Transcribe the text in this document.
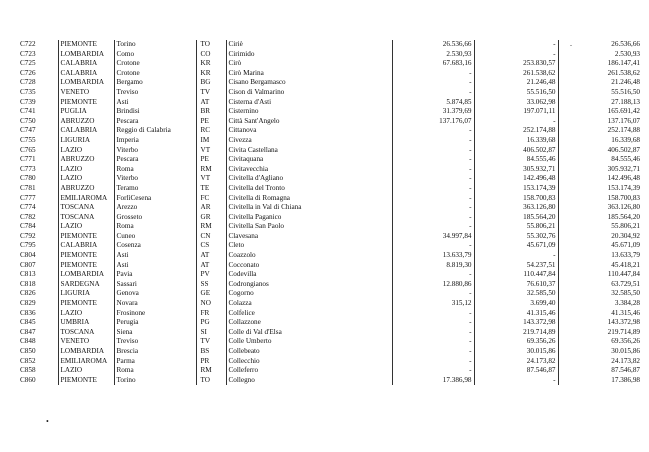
C722	PIEMONTE	Torino	TO	Ciriè	26.536,66	-	26.536,66
C723	LOMBARDIA	Como	CO	Cirimido	2.530,93	-	2.530,93
C725	CALABRIA	Crotone	KR	Cirò	67.683,16	253.830,57	186.147,41
C726	CALABRIA	Crotone	KR	Cirò Marina	-	261.538,62	261.538,62
C728	LOMBARDIA	Bergamo	BG	Cisano Bergamasco	-	21.246,48	21.246,48
C735	VENETO	Treviso	TV	Cison di Valmarino	-	55.516,50	55.516,50
C739	PIEMONTE	Asti	AT	Cisterna d'Asti	5.874,85	33.062,98	27.188,13
C741	PUGLIA	Brindisi	BR	Cisternino	31.379,69	197.071,11	165.691,42
C750	ABRUZZO	Pescara	PE	Città Sant'Angelo	137.176,07	-	137.176,07
C747	CALABRIA	Reggio di Calabria	RC	Cittanova	-	252.174,88	252.174,88
C755	LIGURIA	Imperia	IM	Civezza	-	16.339,68	16.339,68
C765	LAZIO	Viterbo	VT	Civita Castellana	-	406.502,87	406.502,87
C771	ABRUZZO	Pescara	PE	Civitaquana	-	84.555,46	84.555,46
C773	LAZIO	Roma	RM	Civitavecchia	-	305.932,71	305.932,71
C780	LAZIO	Viterbo	VT	Civitella d'Agliano	-	142.496,48	142.496,48
C781	ABRUZZO	Teramo	TE	Civitella del Tronto	-	153.174,39	153.174,39
C777	EMILIAROMA	ForlìCesena	FC	Civitella di Romagna	-	158.700,83	158.700,83
C774	TOSCANA	Arezzo	AR	Civitella in Val di Chiana	-	363.126,80	363.126,80
C782	TOSCANA	Grosseto	GR	Civitella Paganico	-	185.564,20	185.564,20
C784	LAZIO	Roma	RM	Civitella San Paolo	-	55.806,21	55.806,21
C792	PIEMONTE	Cuneo	CN	Clavesana	34.997,84	55.302,76	20.304,92
C795	CALABRIA	Cosenza	CS	Cleto	-	45.671,09	45.671,09
C804	PIEMONTE	Asti	AT	Coazzolo	13.633,79	-	13.633,79
C807	PIEMONTE	Asti	AT	Cocconato	8.819,30	54.237,51	45.418,21
C813	LOMBARDIA	Pavia	PV	Codevilla	-	110.447,84	110.447,84
C818	SARDEGNA	Sassari	SS	Codrongianos	12.880,86	76.610,37	63.729,51
C826	LIGURIA	Genova	GE	Cogorno	-	32.585,50	32.585,50
C829	PIEMONTE	Novara	NO	Colazza	315,12	3.699,40	3.384,28
C836	LAZIO	Frosinone	FR	Colfelice	-	41.315,46	41.315,46
C845	UMBRIA	Perugia	PG	Collazzone	-	143.372,98	143.372,98
C847	TOSCANA	Siena	SI	Colle di Val d'Elsa	-	219.714,89	219.714,89
C848	VENETO	Treviso	TV	Colle Umberto	-	69.356,26	69.356,26
C850	LOMBARDIA	Brescia	BS	Collebeato	-	30.015,86	30.015,86
C852	EMILIAROMA	Parma	PR	Collecchio	-	24.173,82	24.173,82
C858	LAZIO	Roma	RM	Colleferro	-	87.546,87	87.546,87
C860	PIEMONTE	Torino	TO	Collegno	17.386,98	-	17.386,98
•
-
